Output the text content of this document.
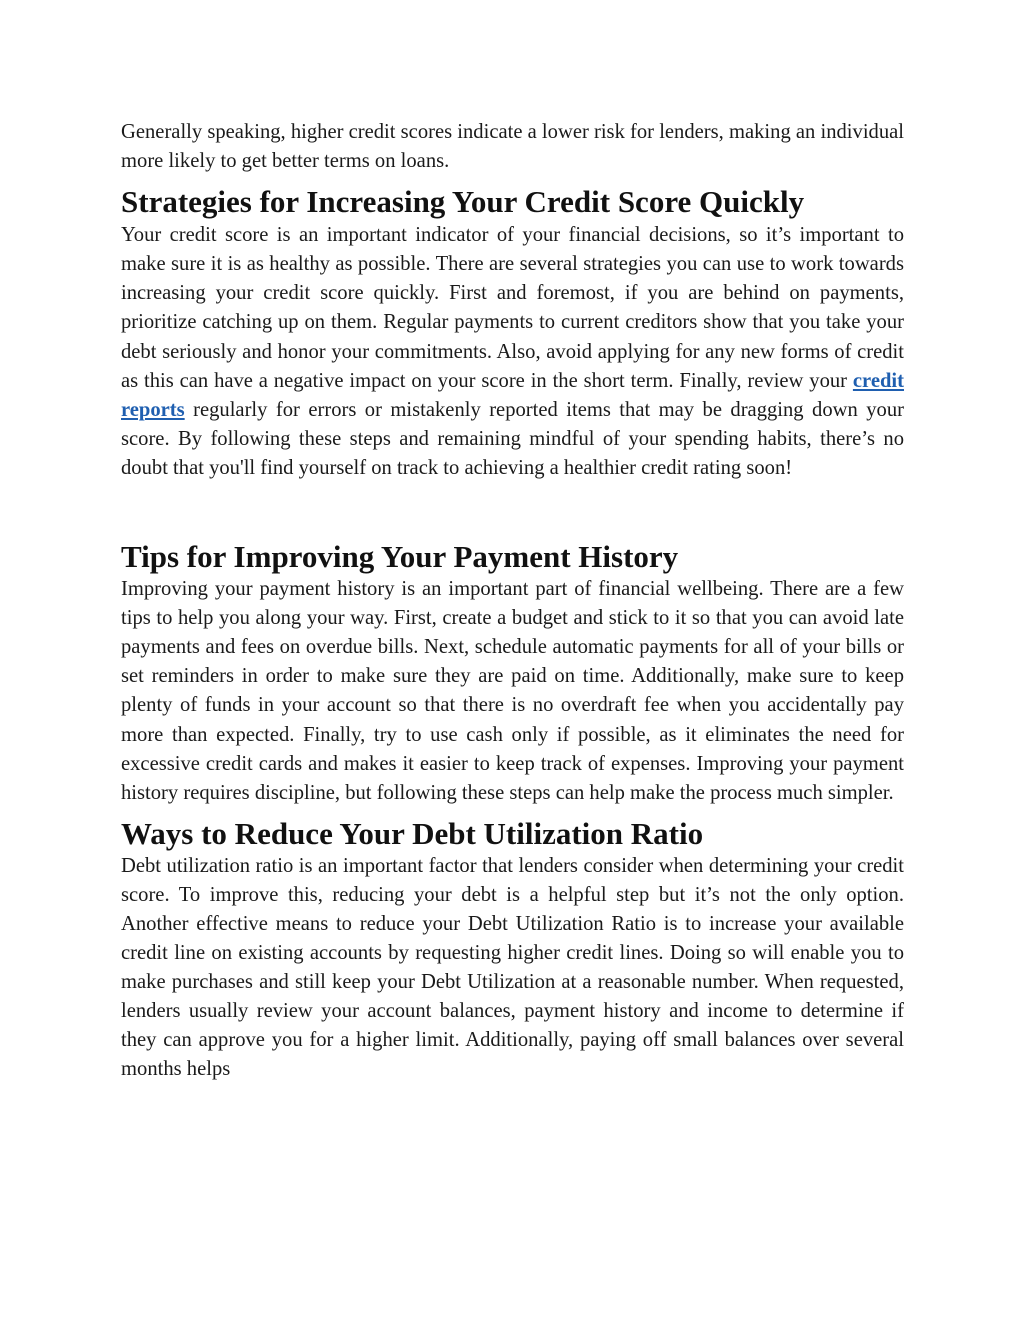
Generally speaking, higher credit scores indicate a lower risk for lenders, making an individual more likely to get better terms on loans.

Strategies for Increasing Your Credit Score Quickly

Your credit score is an important indicator of your financial decisions, so it’s important to make sure it is as healthy as possible. There are several strategies you can use to work towards increasing your credit score quickly. First and foremost, if you are behind on payments, prioritize catching up on them. Regular payments to current creditors show that you take your debt seriously and honor your commitments. Also, avoid applying for any new forms of credit as this can have a negative impact on your score in the short term. Finally, review your credit reports regularly for errors or mistakenly reported items that may be dragging down your score. By following these steps and remaining mindful of your spending habits, there’s no doubt that you'll find yourself on track to achieving a healthier credit rating soon!

Tips for Improving Your Payment History

Improving your payment history is an important part of financial wellbeing. There are a few tips to help you along your way. First, create a budget and stick to it so that you can avoid late payments and fees on overdue bills. Next, schedule automatic payments for all of your bills or set reminders in order to make sure they are paid on time. Additionally, make sure to keep plenty of funds in your account so that there is no overdraft fee when you accidentally pay more than expected. Finally, try to use cash only if possible, as it eliminates the need for excessive credit cards and makes it easier to keep track of expenses. Improving your payment history requires discipline, but following these steps can help make the process much simpler.

Ways to Reduce Your Debt Utilization Ratio

Debt utilization ratio is an important factor that lenders consider when determining your credit score. To improve this, reducing your debt is a helpful step but it’s not the only option. Another effective means to reduce your Debt Utilization Ratio is to increase your available credit line on existing accounts by requesting higher credit lines. Doing so will enable you to make purchases and still keep your Debt Utilization at a reasonable number. When requested, lenders usually review your account balances, payment history and income to determine if they can approve you for a higher limit. Additionally, paying off small balances over several months helps
